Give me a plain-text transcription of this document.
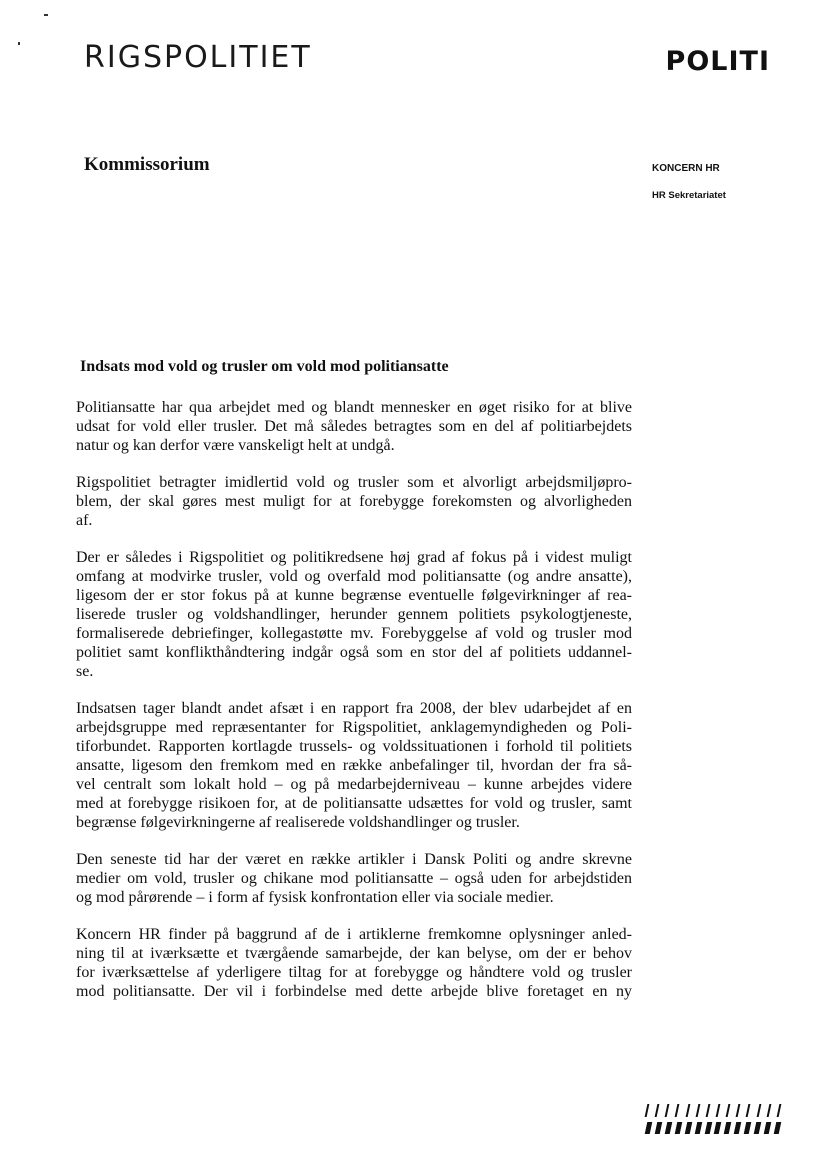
RIGSPOLITIET	POLITI
Kommissorium	KONCERN HR
HR Sekretariatet
Indsats mod vold og trusler om vold mod politiansatte
Politiansatte har qua arbejdet med og blandt mennesker en øget risiko for at blive
udsat for vold eller trusler. Det må således betragtes som en del af politiarbejdets
natur og kan derfor være vanskeligt helt at undgå.
Rigspolitiet betragter imidlertid vold og trusler som et alvorligt arbejdsmiljøpro-
blem, der skal gøres mest muligt for at forebygge forekomsten og alvorligheden
af.
Der er således i Rigspolitiet og politikredsene høj grad af fokus på i videst muligt
omfang at modvirke trusler, vold og overfald mod politiansatte (og andre ansatte),
ligesom der er stor fokus på at kunne begrænse eventuelle følgevirkninger af rea-
liserede trusler og voldshandlinger, herunder gennem politiets psykologtjeneste,
formaliserede debriefinger, kollegastøtte mv. Forebyggelse af vold og trusler mod
politiet samt konflikthåndtering indgår også som en stor del af politiets uddannel-
se.
Indsatsen tager blandt andet afsæt i en rapport fra 2008, der blev udarbejdet af en
arbejdsgruppe med repræsentanter for Rigspolitiet, anklagemyndigheden og Poli-
tiforbundet. Rapporten kortlagde trussels- og voldssituationen i forhold til politiets
ansatte, ligesom den fremkom med en række anbefalinger til, hvordan der fra så-
vel centralt som lokalt hold – og på medarbejderniveau – kunne arbejdes videre
med at forebygge risikoen for, at de politiansatte udsættes for vold og trusler, samt
begrænse følgevirkningerne af realiserede voldshandlinger og trusler.
Den seneste tid har der været en række artikler i Dansk Politi og andre skrevne
medier om vold, trusler og chikane mod politiansatte – også uden for arbejdstiden
og mod pårørende – i form af fysisk konfrontation eller via sociale medier.
Koncern HR finder på baggrund af de i artiklerne fremkomne oplysninger anled-
ning til at iværksætte et tværgående samarbejde, der kan belyse, om der er behov
for iværksættelse af yderligere tiltag for at forebygge og håndtere vold og trusler
mod politiansatte. Der vil i forbindelse med dette arbejde blive foretaget en ny
